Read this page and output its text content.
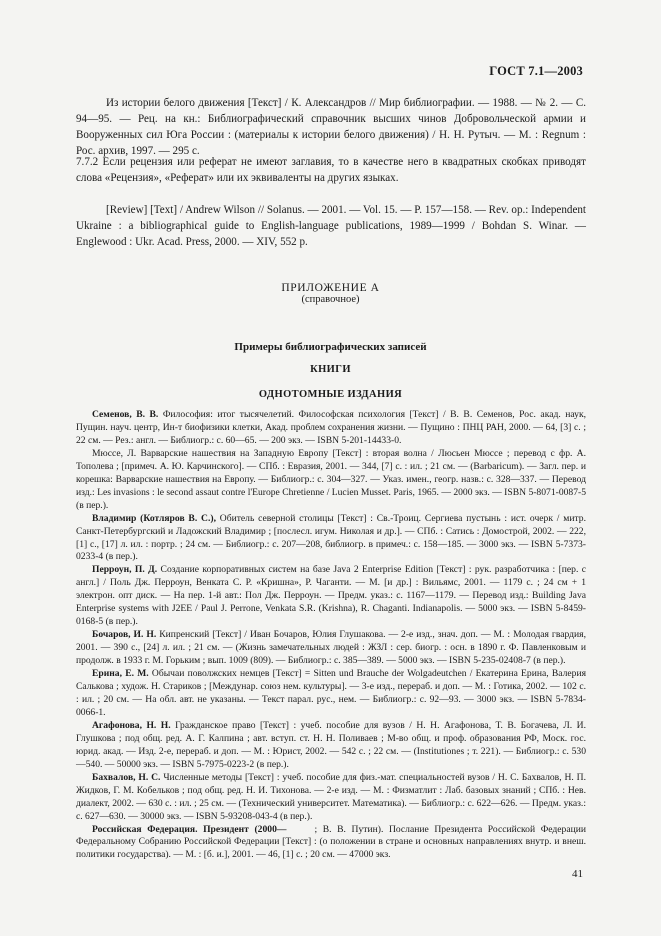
ГОСТ 7.1—2003
Из истории белого движения [Текст] / К. Александров // Мир библиографии. — 1988. — № 2. — С. 94—95. — Рец. на кн.: Библиографический справочник высших чинов Добровольческой армии и Вооруженных сил Юга России : (материалы к истории белого движения) / Н. Н. Рутыч. — М. : Regnum : Рос. архив, 1997. — 295 с.
7.7.2 Если рецензия или реферат не имеют заглавия, то в качестве него в квадратных скобках приводят слова «Рецензия», «Реферат» или их эквиваленты на других языках.
[Review] [Text] / Andrew Wilson // Solanus. — 2001. — Vol. 15. — P. 157—158. — Rev. op.: Independent Ukraine : a bibliographical guide to English-language publications, 1989—1999 / Bohdan S. Winar. — Englewood : Ukr. Acad. Press, 2000. — XIV, 552 p.
ПРИЛОЖЕНИЕ А
(справочное)
Примеры библиографических записей
КНИГИ
ОДНОТОМНЫЕ ИЗДАНИЯ

Семенов, В. В. Философия: итог тысячелетий. Философская психология [Текст] / В. В. Семенов, Рос. акад. наук, Пущин. науч. центр, Ин-т биофизики клетки, Акад. проблем сохранения жизни. — Пущино : ПНЦ РАН, 2000. — 64, [3] с. ; 22 см. — Рез.: англ. — Библиогр.: с. 60—65. — 200 экз. — ISBN 5-201-14433-0.

Мюссе, Л. Варварские нашествия на Западную Европу [Текст] : вторая волна / Люсьен Мюссе ; перевод с фр. А. Тополева ; [примеч. А. Ю. Карчинского]. — СПб. : Евразия, 2001. — 344, [7] с. : ил. ; 21 см. — (Barbaricum). — Загл. пер. и корешка: Варварские нашествия на Европу. — Библиогр.: с. 304—327. — Указ. имен., геогр. назв.: с. 328—337. — Перевод изд.: Les invasions : le second assaut contre l'Europe Chretienne / Lucien Musset. Paris, 1965. — 2000 экз. — ISBN 5-8071-0087-5 (в пер.).

Владимир (Котляров В. С.), Обитель северной столицы [Текст] : Св.-Троиц. Сергиева пустынь : ист. очерк / митр. Санкт-Петербургский и Ладожский Владимир ; [послесл. игум. Николая и др.]. — СПб. : Сатись : Домострой, 2002. — 222, [1] с., [17] л. ил. : портр. ; 24 см. — Библиогр.: с. 207—208, библиогр. в примеч.: с. 158—185. — 3000 экз. — ISBN 5-7373-0233-4 (в пер.).

Перроун, П. Д. Создание корпоративных систем на базе Java 2 Enterprise Edition [Текст] : рук. разработчика : [пер. с англ.] / Поль Дж. Перроун, Венката С. Р. «Кришна», Р. Чаганти. — М. [и др.] : Вильямс, 2001. — 1179 с. ; 24 см + 1 электрон. опт диск. — На пер. 1-й авт.: Пол Дж. Перроун. — Предм. указ.: с. 1167—1179. — Перевод изд.: Building Java Enterprise systems with J2EE / Paul J. Perrone, Venkata S.R. (Krishna), R. Chaganti. Indianapolis. — 5000 экз. — ISBN 5-8459-0168-5 (в пер.).

Бочаров, И. Н. Кипренский [Текст] / Иван Бочаров, Юлия Глушакова. — 2-е изд., знач. доп. — М. : Молодая гвардия, 2001. — 390 с., [24] л. ил. ; 21 см. — (Жизнь замечательных людей : ЖЗЛ : сер. биогр. : осн. в 1890 г. Ф. Павленковым и продолж. в 1933 г. М. Горьким ; вып. 1009 (809). — Библиогр.: с. 385—389. — 5000 экз. — ISBN 5-235-02408-7 (в пер.).

Ерина, Е. М. Обычаи поволжских немцев [Текст] = Sitten und Brauche der Wolgadeutchen / Екатерина Ерина, Валерия Салькова ; худож. Н. Стариков ; [Междунар. союз нем. культуры]. — 3-е изд., перераб. и доп. — М. : Готика, 2002. — 102 с. : ил. ; 20 см. — На обл. авт. не указаны. — Текст парал. рус., нем. — Библиогр.: с. 92—93. — 3000 экз. — ISBN 5-7834-0066-1.

Агафонова, Н. Н. Гражданское право [Текст] : учеб. пособие для вузов / Н. Н. Агафонова, Т. В. Богачева, Л. И. Глушкова ; под общ. ред. А. Г. Калпина ; авт. вступ. ст. Н. Н. Поливаев ; М-во общ. и проф. образования РФ, Моск. гос. юрид. акад. — Изд. 2-е, перераб. и доп. — М. : Юрист, 2002. — 542 с. ; 22 см. — (Institutiones ; т. 221). — Библиогр.: с. 530—540. — 50000 экз. — ISBN 5-7975-0223-2 (в пер.).

Бахвалов, Н. С. Численные методы [Текст] : учеб. пособие для физ.-мат. специальностей вузов / Н. С. Бахвалов, Н. П. Жидков, Г. М. Кобельков ; под общ. ред. Н. И. Тихонова. — 2-е изд. — М. : Физматлит : Лаб. базовых знаний ; СПб. : Нев. диалект, 2002. — 630 с. : ил. ; 25 см. — (Технический университет. Математика). — Библиогр.: с. 622—626. — Предм. указ.: с. 627—630. — 30000 экз. — ISBN 5-93208-043-4 (в пер.).

Российская Федерация. Президент (2000—     ; В. В. Путин). Послание Президента Российской Федерации Федеральному Собранию Российской Федерации [Текст] : (о положении в стране и основных направлениях внутр. и внеш. политики государства). — М. : [б. и.], 2001. — 46, [1] с. ; 20 см. — 47000 экз.

41
